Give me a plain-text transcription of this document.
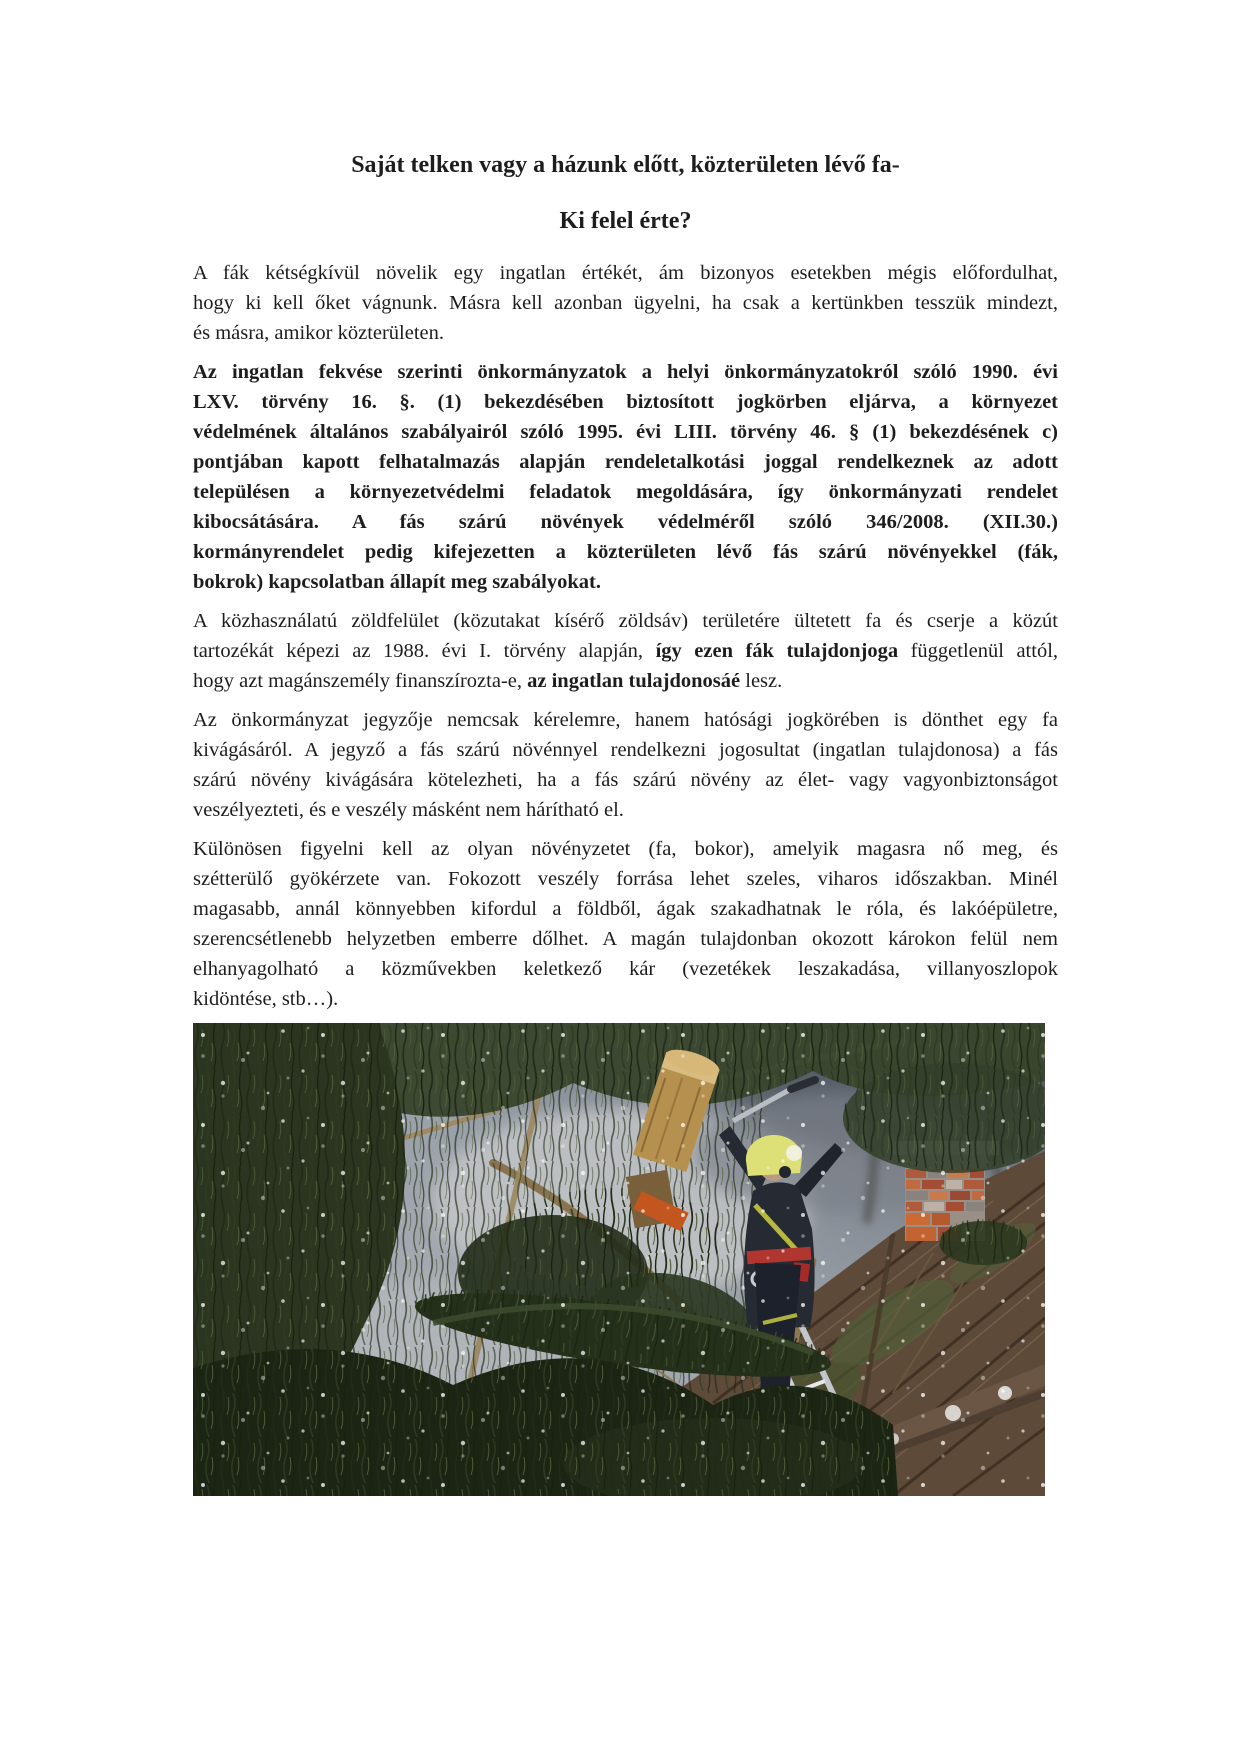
Saját telken vagy a házunk előtt, közterületen lévő fa-
Ki felel érte?
A fák kétségkívül növelik egy ingatlan értékét, ám bizonyos esetekben mégis előfordulhat,
hogy ki kell őket vágnunk. Másra kell azonban ügyelni, ha csak a kertünkben tesszük mindezt,
és másra, amikor közterületen.
Az ingatlan fekvése szerinti önkormányzatok a helyi önkormányzatokról szóló 1990. évi
LXV. törvény 16. §. (1) bekezdésében biztosított jogkörben eljárva, a környezet
védelmének általános szabályairól szóló 1995. évi LIII. törvény 46. § (1) bekezdésének c)
pontjában kapott felhatalmazás alapján rendeletalkotási joggal rendelkeznek az adott
településen a környezetvédelmi feladatok megoldására, így önkormányzati rendelet
kibocsátására. A fás szárú növények védelméről szóló 346/2008. (XII.30.)
kormányrendelet pedig kifejezetten a közterületen lévő fás szárú növényekkel (fák,
bokrok) kapcsolatban állapít meg szabályokat.
A közhasználatú zöldfelület (közutakat kísérő zöldsáv) területére ültetett fa és cserje a közút
tartozékát képezi az 1988. évi I. törvény alapján, így ezen fák tulajdonjoga függetlenül attól,
hogy azt magánszemély finanszírozta-e, az ingatlan tulajdonosáé lesz.
Az önkormányzat jegyzője nemcsak kérelemre, hanem hatósági jogkörében is dönthet egy fa
kivágásáról. A jegyző a fás szárú növénnyel rendelkezni jogosultat (ingatlan tulajdonosa) a fás
szárú növény kivágására kötelezheti, ha a fás szárú növény az élet- vagy vagyonbiztonságot
veszélyezteti, és e veszély másként nem hárítható el.
Különösen figyelni kell az olyan növényzetet (fa, bokor), amelyik magasra nő meg, és
szétterülő gyökérzete van. Fokozott veszély forrása lehet szeles, viharos időszakban. Minél
magasabb, annál könnyebben kifordul a földből, ágak szakadhatnak le róla, és lakóépületre,
szerencsétlenebb helyzetben emberre dőlhet. A magán tulajdonban okozott károkon felül nem
elhanyagolható a közművekben keletkező kár (vezetékek leszakadása, villanyoszlopok
kidöntése, stb…).
